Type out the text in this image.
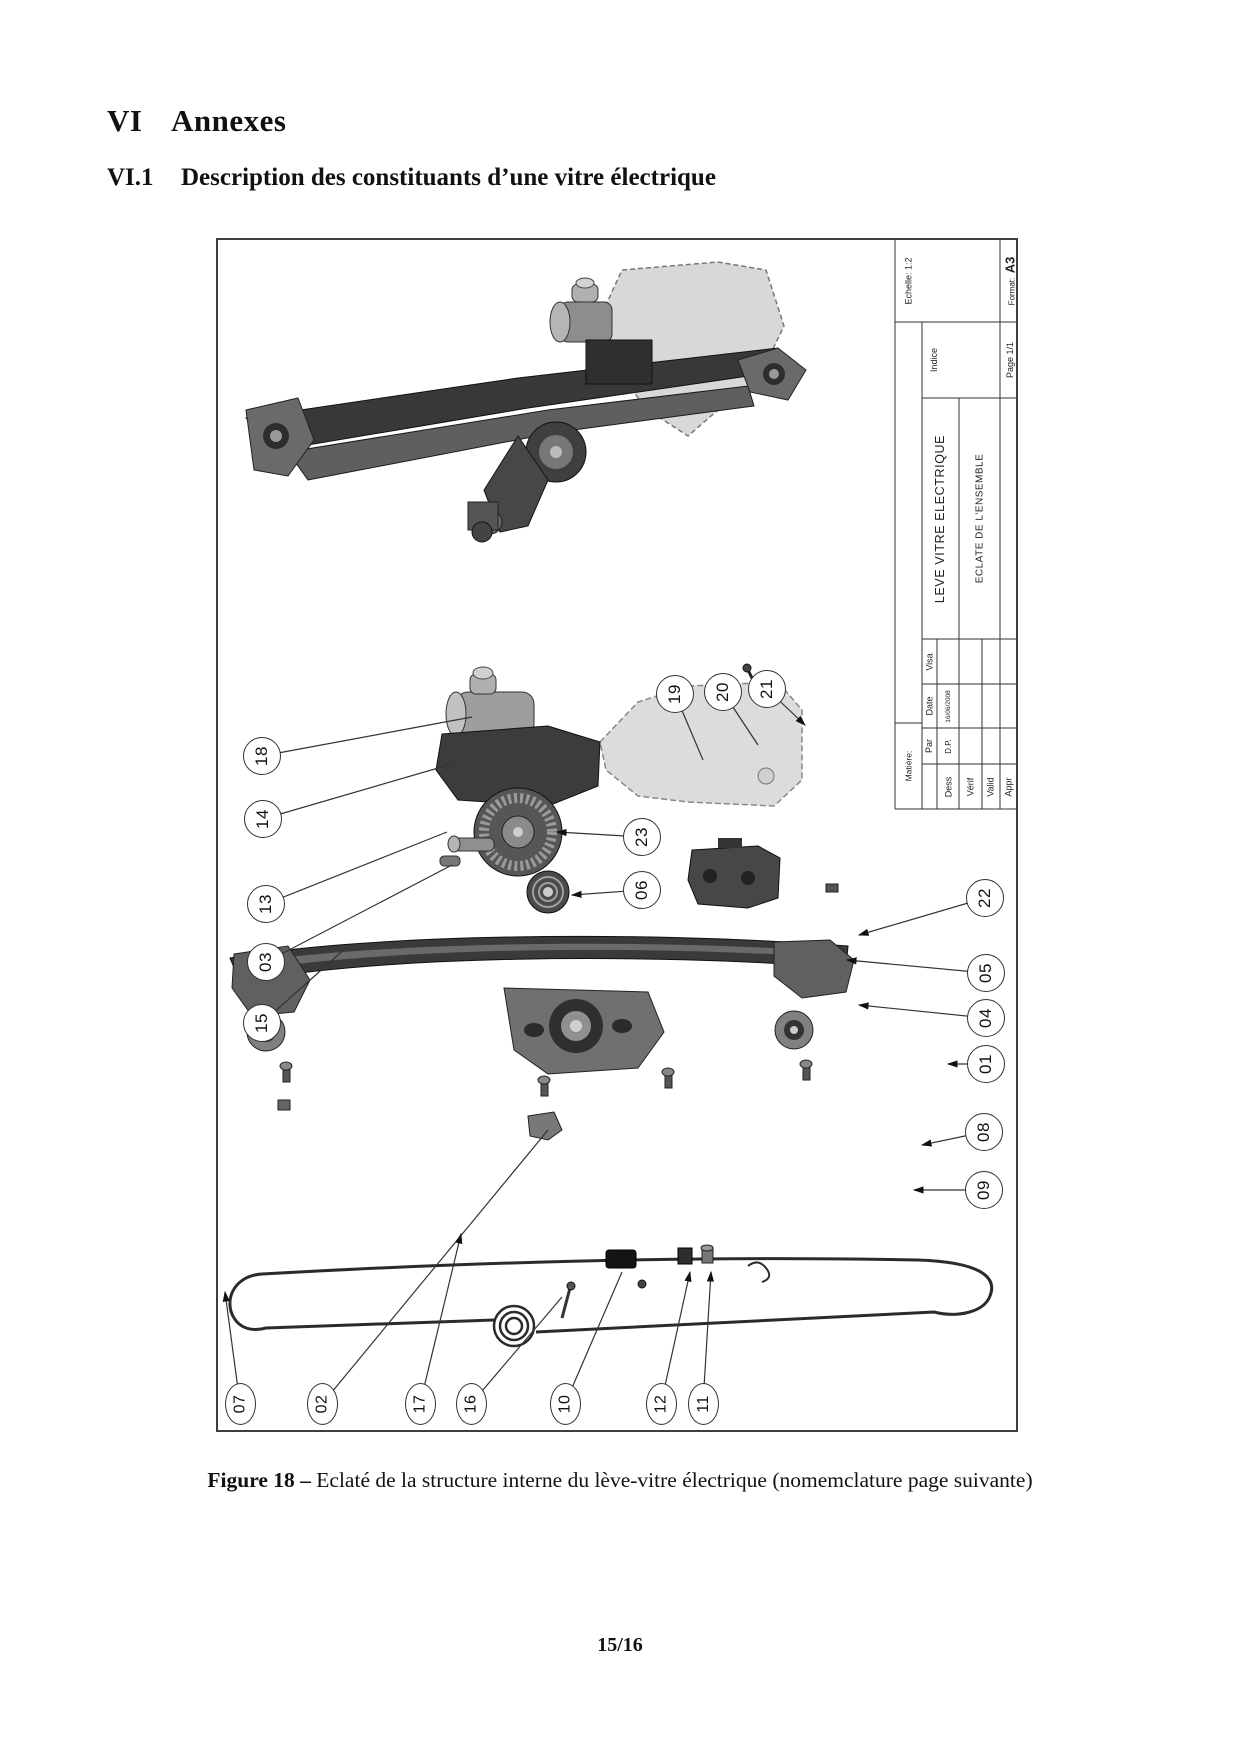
VI Annexes
VI.1 Description des constituants d’une vitre électrique
Echelle: 1:2
Indice
LEVE VITRE ELECTRIQUE	ECLATE DE L'ENSEMBLE
Format: A3
Page 1/1
Visa
Date 16/06/2008
Par D.P.
Dess Vérif Valid Appr
Matière:
18
14
13
03
15
19 20 21
23
06	22
05
04
01
08
09
07	02	17 16	10	12 11
Figure 18 – Eclaté de la structure interne du lève-vitre électrique (nomemclature page suivante)
15/16
